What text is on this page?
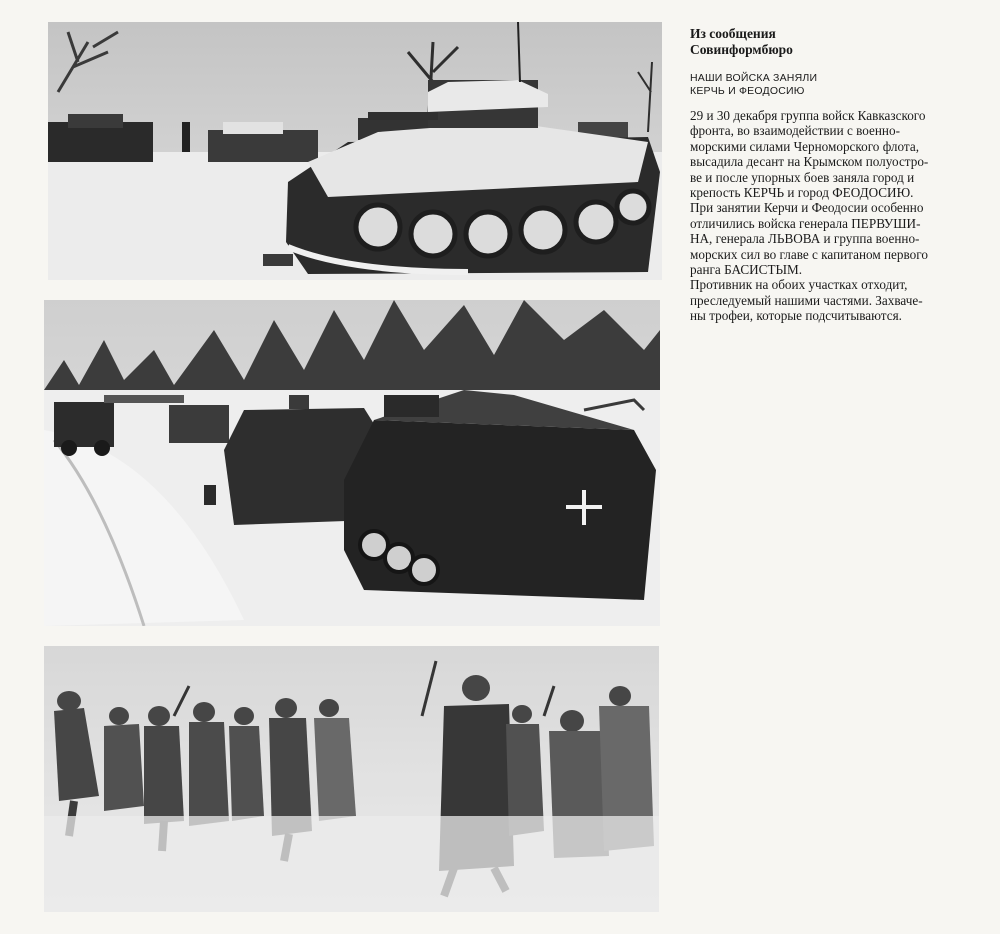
Из сообщения
Совинформбюро
НАШИ ВОЙСКА ЗАНЯЛИ
КЕРЧЬ И ФЕОДОСИЮ

29 и 30 декабря группа войск Кавказского
фронта, во взаимодействии с военно-
морскими силами Черноморского флота,
высадила десант на Крымском полуостро-
ве и после упорных боев заняла город и
крепость КЕРЧЬ и город ФЕОДОСИЮ.
При занятии Керчи и Феодосии особенно
отличились войска генерала ПЕРВУШИ-
НА, генерала ЛЬВОВА и группа военно-
морских сил во главе с капитаном первого
ранга БАСИСТЫМ.
Противник на обоих участках отходит,
преследуемый нашими частями. Захваче-
ны трофеи, которые подсчитываются.
